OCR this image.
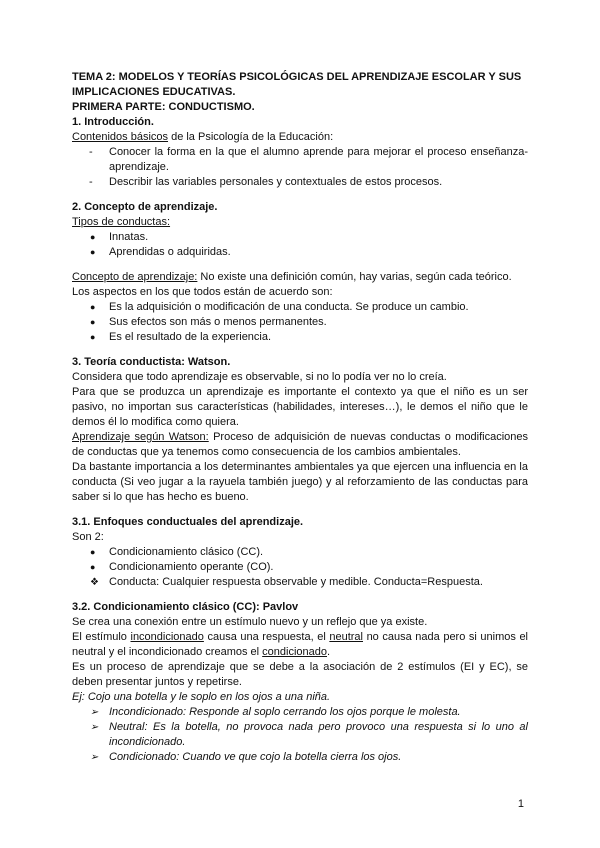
TEMA 2: MODELOS Y TEORÍAS PSICOLÓGICAS DEL APRENDIZAJE ESCOLAR Y SUS

IMPLICACIONES EDUCATIVAS.

PRIMERA PARTE: CONDUCTISMO.

1. Introducción.

Contenidos básicos de la Psicología de la Educación:

- Conocer la forma en la que el alumno aprende para mejorar el proceso enseñanza-aprendizaje.
- Describir las variables personales y contextuales de estos procesos.

2. Concepto de aprendizaje.

Tipos de conductas:

● Innatas.
● Aprendidas o adquiridas.

Concepto de aprendizaje: No existe una definición común, hay varias, según cada teórico.

Los aspectos en los que todos están de acuerdo son:

● Es la adquisición o modificación de una conducta. Se produce un cambio.
● Sus efectos son más o menos permanentes.
● Es el resultado de la experiencia.

3. Teoría conductista: Watson.

Considera que todo aprendizaje es observable, si no lo podía ver no lo creía.

Para que se produzca un aprendizaje es importante el contexto ya que el niño es un ser pasivo, no importan sus características (habilidades, intereses…), le demos el niño que le demos él lo modifica como quiera.

Aprendizaje según Watson: Proceso de adquisición de nuevas conductas o modificaciones de conductas que ya tenemos como consecuencia de los cambios ambientales.

Da bastante importancia a los determinantes ambientales ya que ejercen una influencia en la conducta (Si veo jugar a la rayuela también juego) y al reforzamiento de las conductas para saber si lo que has hecho es bueno.

3.1. Enfoques conductuales del aprendizaje.

Son 2:

● Condicionamiento clásico (CC).
● Condicionamiento operante (CO).
❖ Conducta: Cualquier respuesta observable y medible. Conducta=Respuesta.

3.2. Condicionamiento clásico (CC): Pavlov

Se crea una conexión entre un estímulo nuevo y un reflejo que ya existe.

El estímulo incondicionado causa una respuesta, el neutral no causa nada pero si unimos el neutral y el incondicionado creamos el condicionado.

Es un proceso de aprendizaje que se debe a la asociación de 2 estímulos (EI y EC), se deben presentar juntos y repetirse.

Ej: Cojo una botella y le soplo en los ojos a una niña.

➢ Incondicionado: Responde al soplo cerrando los ojos porque le molesta.
➢ Neutral: Es la botella, no provoca nada pero provoco una respuesta si lo uno al incondicionado.
➢ Condicionado: Cuando ve que cojo la botella cierra los ojos.
1
